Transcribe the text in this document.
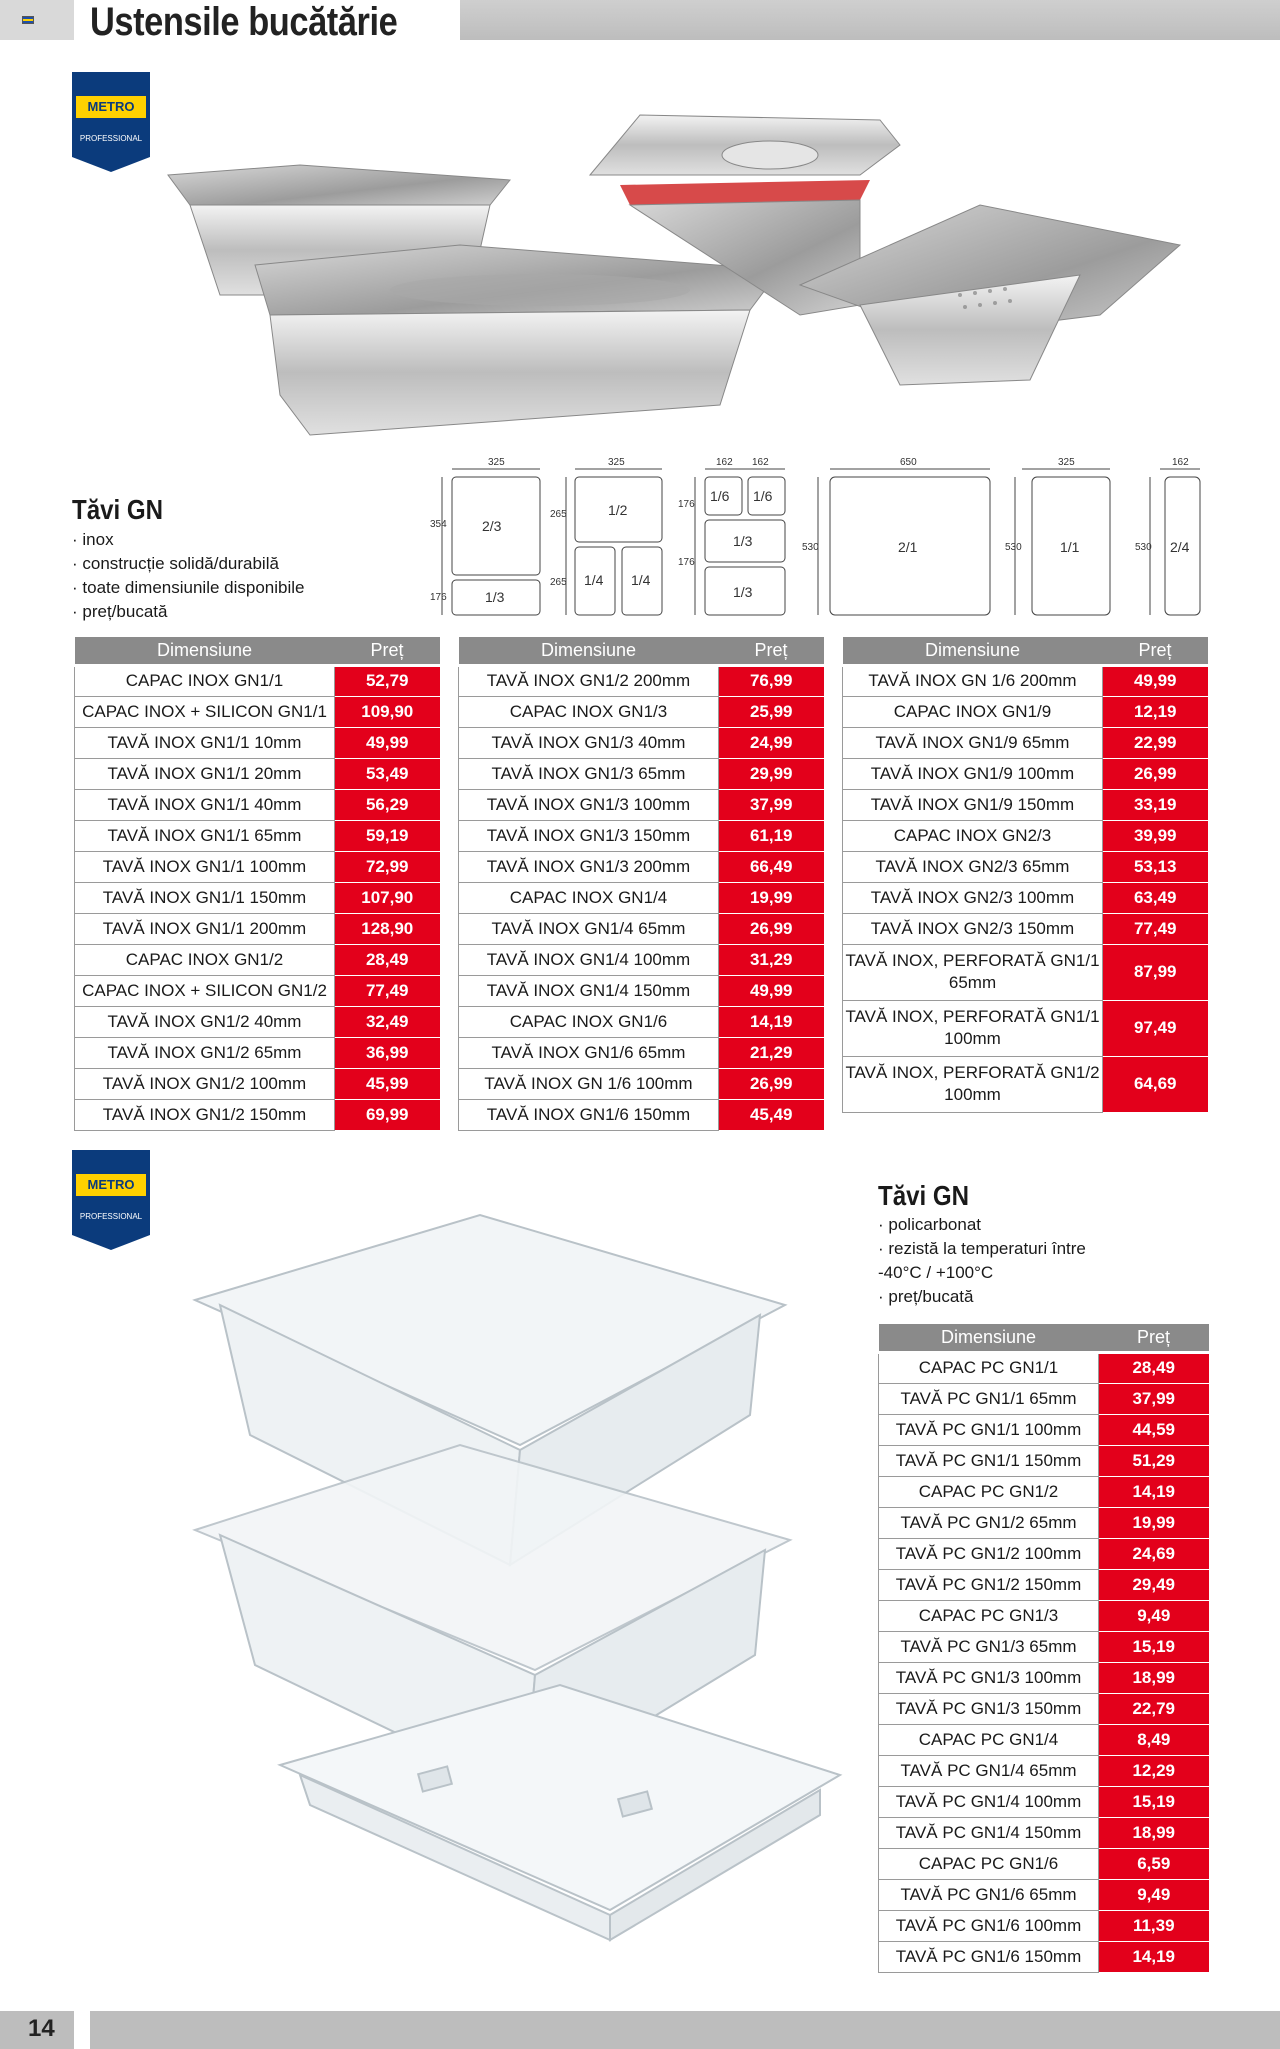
Ustensile bucătărie
METRO
PROFESSIONAL
Tăvi GN
· inox
· construcție solidă/durabilă
· toate dimensiunile disponibile
· preț/bucată
325
354
176
2/3
1/3
325
265
265
1/2
1/4 1/4
162 162
176
176
1/6 1/6
1/3
1/3
650
530	2/1
325
530	1/1
162
530 2/4
Dimensiune	Preț
CAPAC INOX GN1/1	52,79
CAPAC INOX + SILICON GN1/1	109,90
TAVĂ INOX GN1/1 10mm	49,99
TAVĂ INOX GN1/1 20mm	53,49
TAVĂ INOX GN1/1 40mm	56,29
TAVĂ INOX GN1/1 65mm	59,19
TAVĂ INOX GN1/1 100mm	72,99
TAVĂ INOX GN1/1 150mm	107,90
TAVĂ INOX GN1/1 200mm	128,90
CAPAC INOX GN1/2	28,49
CAPAC INOX + SILICON GN1/2	77,49
TAVĂ INOX GN1/2 40mm	32,49
TAVĂ INOX GN1/2 65mm	36,99
TAVĂ INOX GN1/2 100mm	45,99
TAVĂ INOX GN1/2 150mm	69,99
Dimensiune	Preț
TAVĂ INOX GN1/2 200mm	76,99
CAPAC INOX GN1/3	25,99
TAVĂ INOX GN1/3 40mm	24,99
TAVĂ INOX GN1/3 65mm	29,99
TAVĂ INOX GN1/3 100mm	37,99
TAVĂ INOX GN1/3 150mm	61,19
TAVĂ INOX GN1/3 200mm	66,49
CAPAC INOX GN1/4	19,99
TAVĂ INOX GN1/4 65mm	26,99
TAVĂ INOX GN1/4 100mm	31,29
TAVĂ INOX GN1/4 150mm	49,99
CAPAC INOX GN1/6	14,19
TAVĂ INOX GN1/6 65mm	21,29
TAVĂ INOX GN 1/6 100mm	26,99
TAVĂ INOX GN1/6 150mm	45,49
Dimensiune	Preț
TAVĂ INOX GN 1/6 200mm	49,99
CAPAC INOX GN1/9	12,19
TAVĂ INOX GN1/9 65mm	22,99
TAVĂ INOX GN1/9 100mm	26,99
TAVĂ INOX GN1/9 150mm	33,19
CAPAC INOX GN2/3	39,99
TAVĂ INOX GN2/3 65mm	53,13
TAVĂ INOX GN2/3 100mm	63,49
TAVĂ INOX GN2/3 150mm	77,49
TAVĂ INOX, PERFORATĂ GN1/1 65mm	87,99
TAVĂ INOX, PERFORATĂ GN1/1 100mm	97,49
TAVĂ INOX, PERFORATĂ GN1/2 100mm	64,69
METRO
PROFESSIONAL
Tăvi GN
· policarbonat
· rezistă la temperaturi între -40°C / +100°C
· preț/bucată
Dimensiune	Preț
CAPAC PC GN1/1	28,49
TAVĂ PC GN1/1 65mm	37,99
TAVĂ PC GN1/1 100mm	44,59
TAVĂ PC GN1/1 150mm	51,29
CAPAC PC GN1/2	14,19
TAVĂ PC GN1/2 65mm	19,99
TAVĂ PC GN1/2 100mm	24,69
TAVĂ PC GN1/2 150mm	29,49
CAPAC PC GN1/3	9,49
TAVĂ PC GN1/3 65mm	15,19
TAVĂ PC GN1/3 100mm	18,99
TAVĂ PC GN1/3 150mm	22,79
CAPAC PC GN1/4	8,49
TAVĂ PC GN1/4 65mm	12,29
TAVĂ PC GN1/4 100mm	15,19
TAVĂ PC GN1/4 150mm	18,99
CAPAC PC GN1/6	6,59
TAVĂ PC GN1/6 65mm	9,49
TAVĂ PC GN1/6 100mm	11,39
TAVĂ PC GN1/6 150mm	14,19
14
